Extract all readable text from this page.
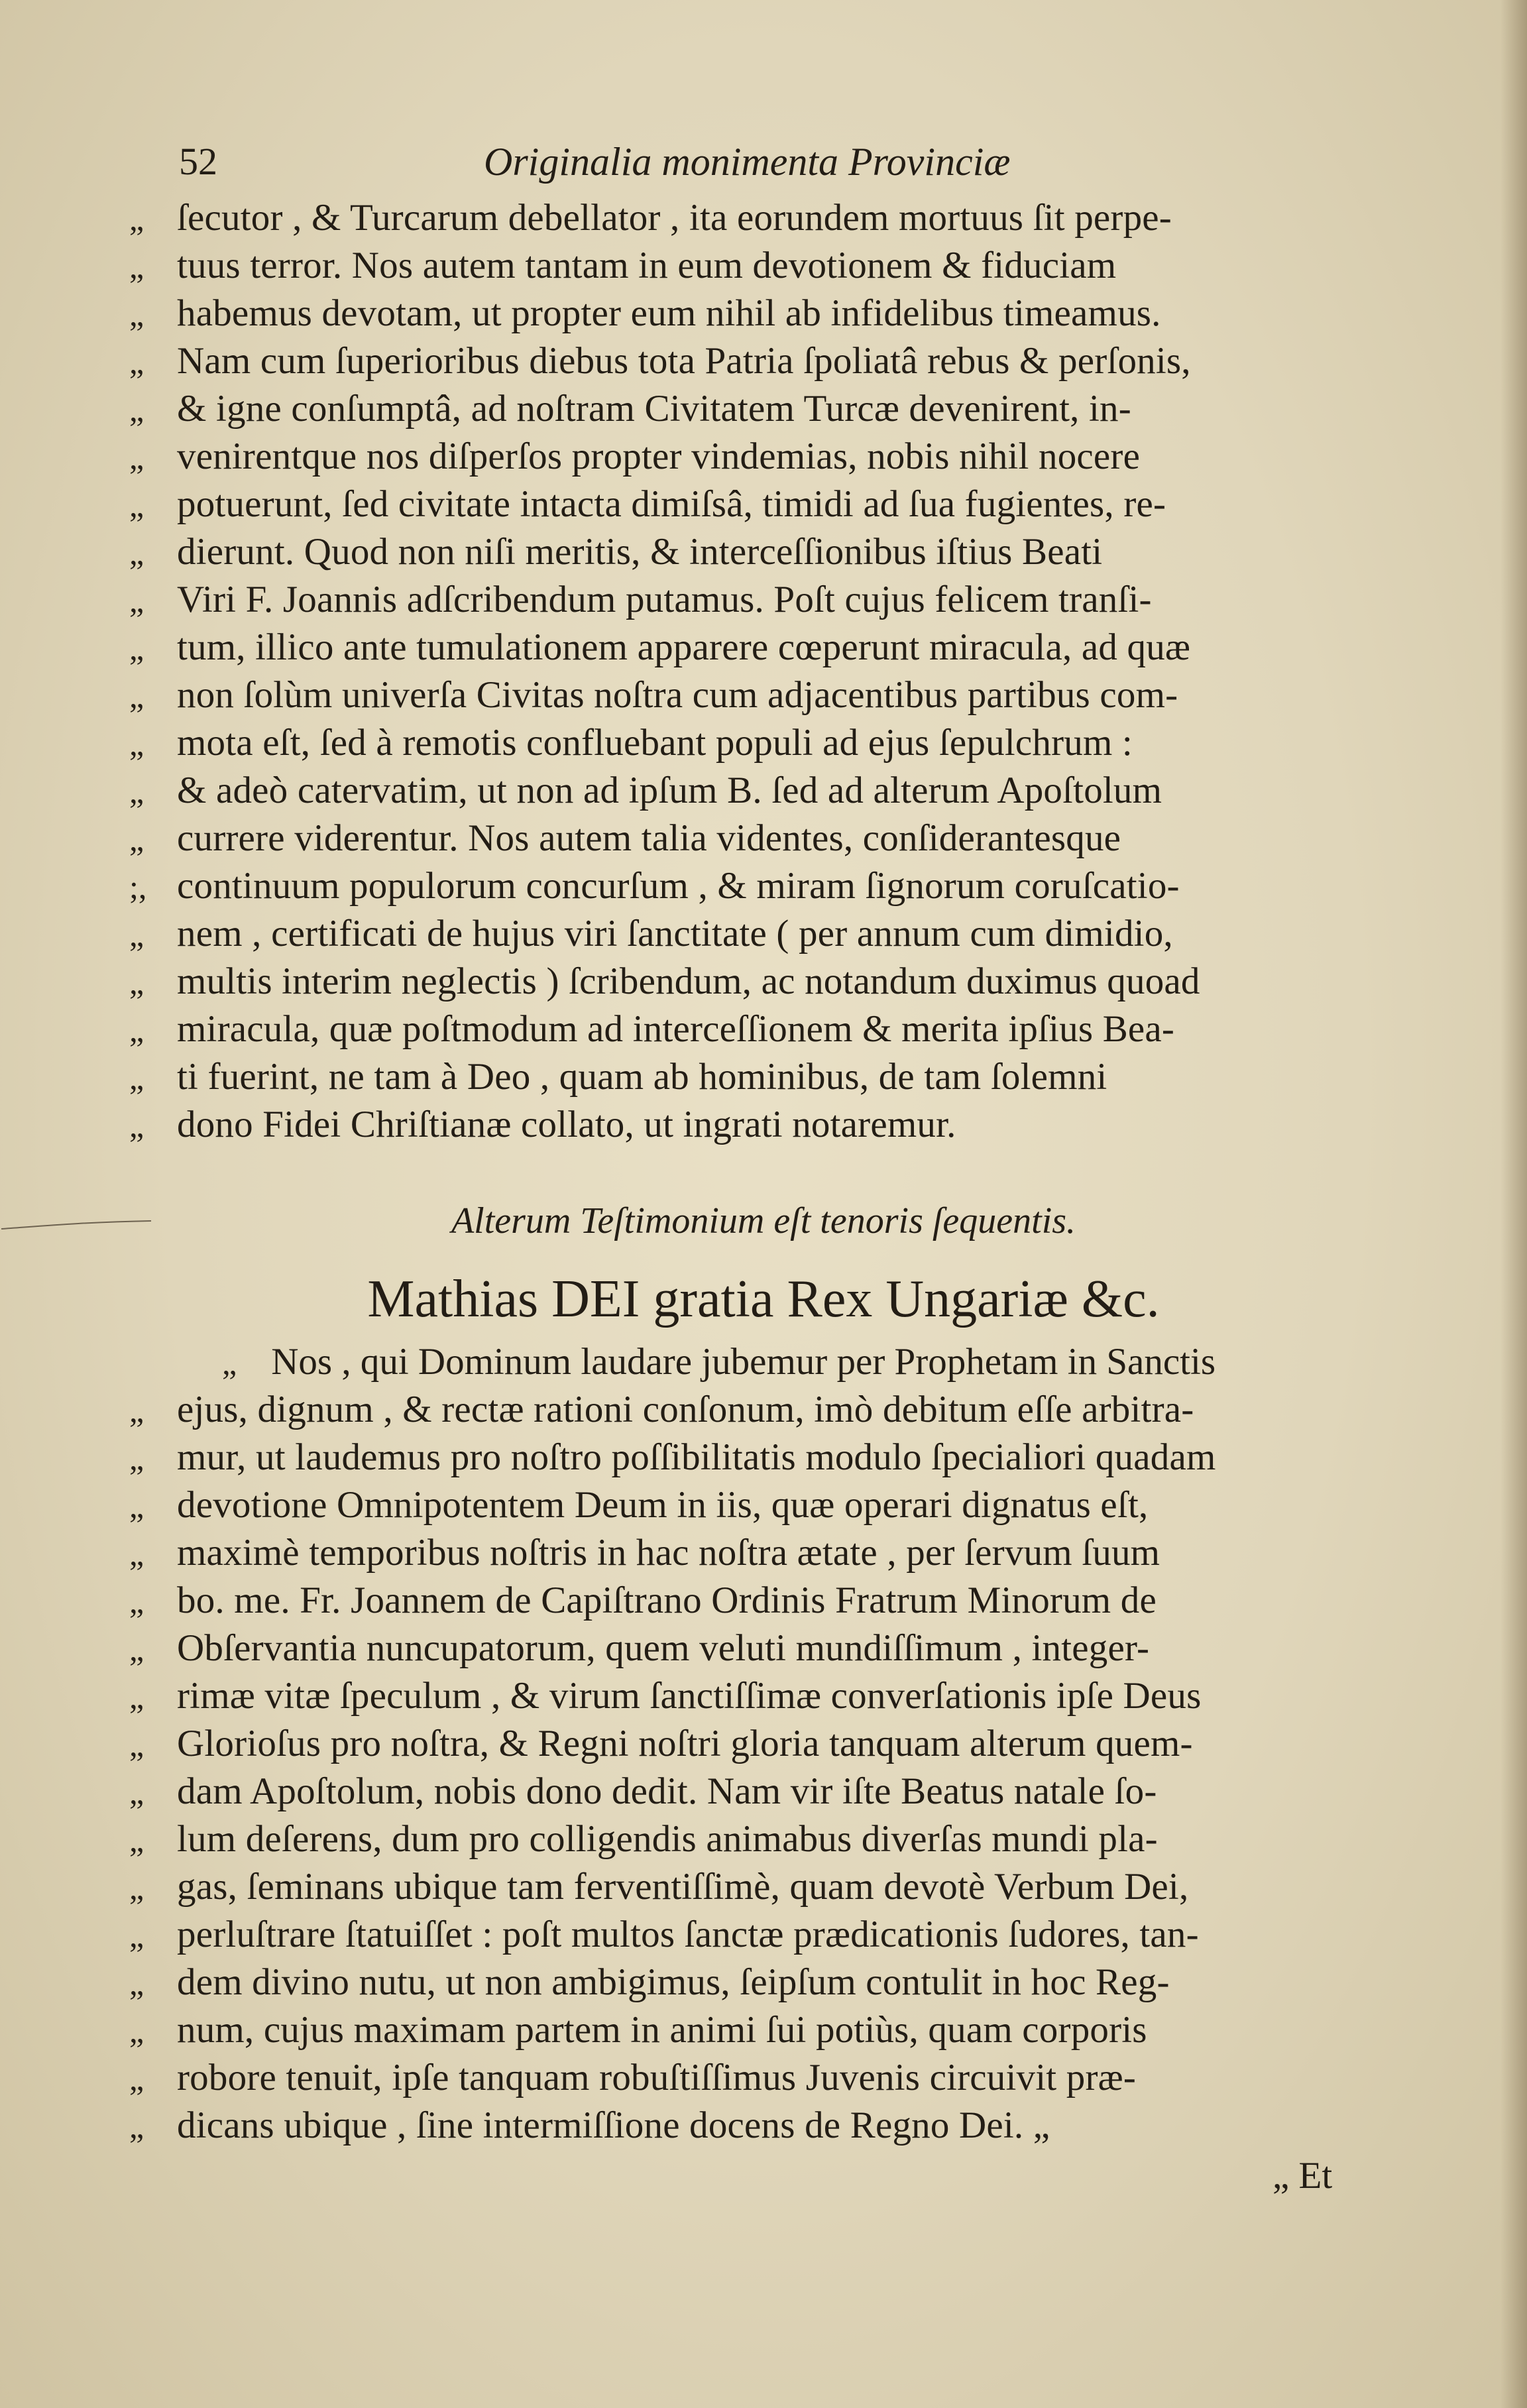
52	Originalia monimenta Provinciæ
„ ſecutor , & Turcarum debellator , ita eorundem mortuus ſit perpe-
„ tuus terror. Nos autem tantam in eum devotionem & fiduciam
„ habemus devotam, ut propter eum nihil ab infidelibus timeamus.
„ Nam cum ſuperioribus diebus tota Patria ſpoliatâ rebus & perſonis,
„ & igne conſumptâ, ad noſtram Civitatem Turcæ devenirent, in-
„ venirentque nos diſperſos propter vindemias, nobis nihil nocere
„ potuerunt, ſed civitate intacta dimiſsâ, timidi ad ſua fugientes, re-
„ dierunt. Quod non niſi meritis, & interceſſionibus iſtius Beati
„ Viri F. Joannis adſcribendum putamus. Poſt cujus felicem tranſi-
„ tum, illico ante tumulationem apparere cœperunt miracula, ad quæ
„ non ſolùm univerſa Civitas noſtra cum adjacentibus partibus com-
„ mota eſt, ſed à remotis confluebant populi ad ejus ſepulchrum :
„ & adeò catervatim, ut non ad ipſum B. ſed ad alterum Apoſtolum
„ currere viderentur. Nos autem talia videntes, conſiderantesque
;, continuum populorum concurſum , & miram ſignorum coruſcatio-
„ nem , certificati de hujus viri ſanctitate ( per annum cum dimidio,
„ multis interim neglectis ) ſcribendum, ac notandum duximus quoad
„ miracula, quæ poſtmodum ad interceſſionem & merita ipſius Bea-
„ ti fuerint, ne tam à Deo , quam ab hominibus, de tam ſolemni
„ dono Fidei Chriſtianæ collato, ut ingrati notaremur.
Alterum Teſtimonium eſt tenoris ſequentis.
Mathias DEI gratia Rex Ungariæ &c.
„ Nos , qui Dominum laudare jubemur per Prophetam in Sanctis
„ ejus, dignum , & rectæ rationi conſonum, imò debitum eſſe arbitra-
„ mur, ut laudemus pro noſtro poſſibilitatis modulo ſpecialiori quadam
„ devotione Omnipotentem Deum in iis, quæ operari dignatus eſt,
„ maximè temporibus noſtris in hac noſtra ætate , per ſervum ſuum
„ bo. me. Fr. Joannem de Capiſtrano Ordinis Fratrum Minorum de
„ Obſervantia nuncupatorum, quem veluti mundiſſimum , integer-
„ rimæ vitæ ſpeculum , & virum ſanctiſſimæ converſationis ipſe Deus
„ Glorioſus pro noſtra, & Regni noſtri gloria tanquam alterum quem-
„ dam Apoſtolum, nobis dono dedit. Nam vir iſte Beatus natale ſo-
„ lum deſerens, dum pro colligendis animabus diverſas mundi pla-
„ gas, ſeminans ubique tam ferventiſſimè, quam devotè Verbum Dei,
„ perluſtrare ſtatuiſſet : poſt multos ſanctæ prædicationis ſudores, tan-
„ dem divino nutu, ut non ambigimus, ſeipſum contulit in hoc Reg-
„ num, cujus maximam partem in animi ſui potiùs, quam corporis
„ robore tenuit, ipſe tanquam robuſtiſſimus Juvenis circuivit præ-
„ dicans ubique , ſine intermiſſione docens de Regno Dei. „
„ Et
